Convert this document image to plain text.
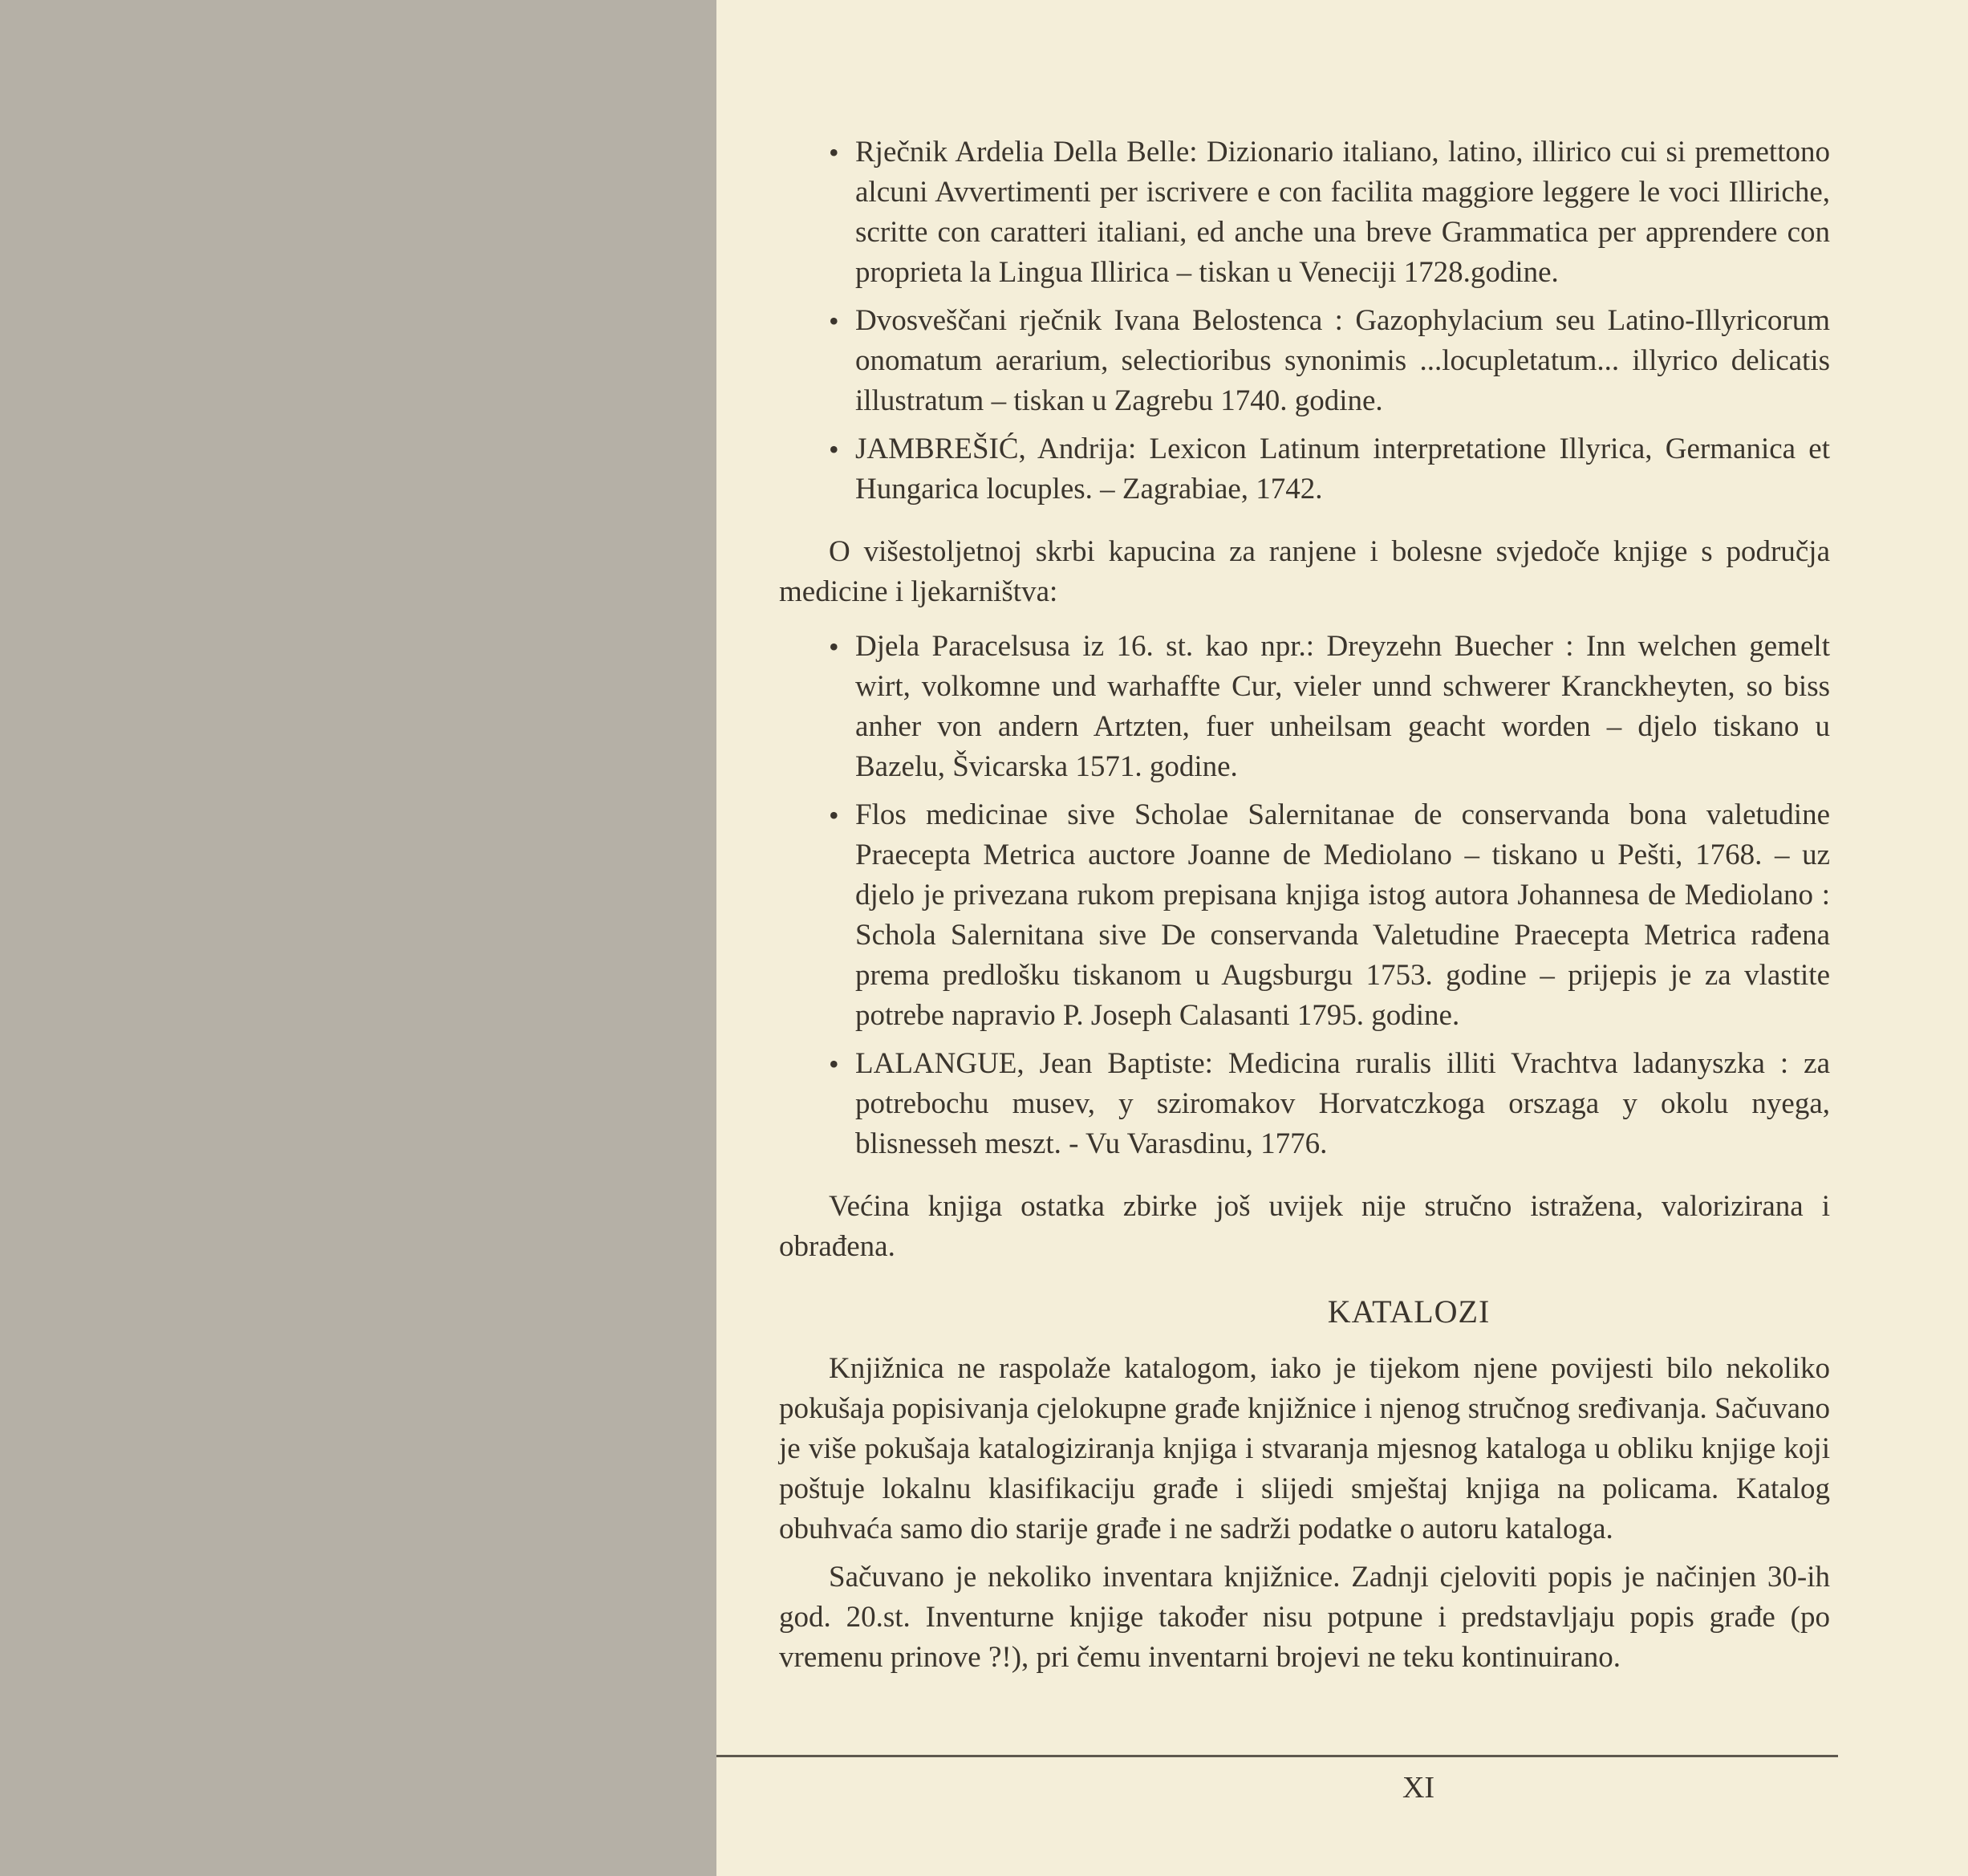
• Rječnik Ardelia Della Belle: Dizionario italiano, latino, illirico cui si premettono alcuni Avvertimenti per iscrivere e con facilita maggiore leggere le voci Illiriche, scritte con caratteri italiani, ed anche una breve Grammatica per apprendere con proprieta la Lingua Illirica – tiskan u Veneciji 1728.godine.
• Dvosveščani rječnik Ivana Belostenca : Gazophylacium seu Latino-Illyricorum onomatum aerarium, selectioribus synonimis ...locupletatum... illyrico delicatis illustratum – tiskan u Zagrebu 1740. godine.
• JAMBREŠIĆ, Andrija: Lexicon Latinum interpretatione Illyrica, Germanica et Hungarica locuples. – Zagrabiae, 1742.

O višestoljetnoj skrbi kapucina za ranjene i bolesne svjedoče knjige s područja medicine i ljekarništva:

• Djela Paracelsusa iz 16. st. kao npr.: Dreyzehn Buecher : Inn welchen gemelt wirt, volkomne und warhaffte Cur, vieler unnd schwerer Kranckheyten, so biss anher von andern Artzten, fuer unheilsam geacht worden – djelo tiskano u Bazelu, Švicarska 1571. godine.
• Flos medicinae sive Scholae Salernitanae de conservanda bona valetudine Praecepta Metrica auctore Joanne de Mediolano – tiskano u Pešti, 1768. – uz djelo je privezana rukom prepisana knjiga istog autora Johannesa de Mediolano : Schola Salernitana sive De conservanda Valetudine Praecepta Metrica rađena prema predlošku tiskanom u Augsburgu 1753. godine – prijepis je za vlastite potrebe napravio P. Joseph Calasanti 1795. godine.
• LALANGUE, Jean Baptiste: Medicina ruralis illiti Vrachtva ladanyszka : za potrebochu musev, y sziromakov Horvatczkoga orszaga y okolu nyega, blisnesseh meszt. - Vu Varasdinu, 1776.

Većina knjiga ostatka zbirke još uvijek nije stručno istražena, valorizirana i obrađena.

KATALOZI

Knjižnica ne raspolaže katalogom, iako je tijekom njene povijesti bilo nekoliko pokušaja popisivanja cjelokupne građe knjižnice i njenog stručnog sređivanja. Sačuvano je više pokušaja katalogiziranja knjiga i stvaranja mjesnog kataloga u obliku knjige koji poštuje lokalnu klasifikaciju građe i slijedi smještaj knjiga na policama. Katalog obuhvaća samo dio starije građe i ne sadrži podatke o autoru kataloga.

Sačuvano je nekoliko inventara knjižnice. Zadnji cjeloviti popis je načinjen 30-ih god. 20.st. Inventurne knjige također nisu potpune i predstavljaju popis građe (po vremenu prinove ?!), pri čemu inventarni brojevi ne teku kontinuirano.

XI
